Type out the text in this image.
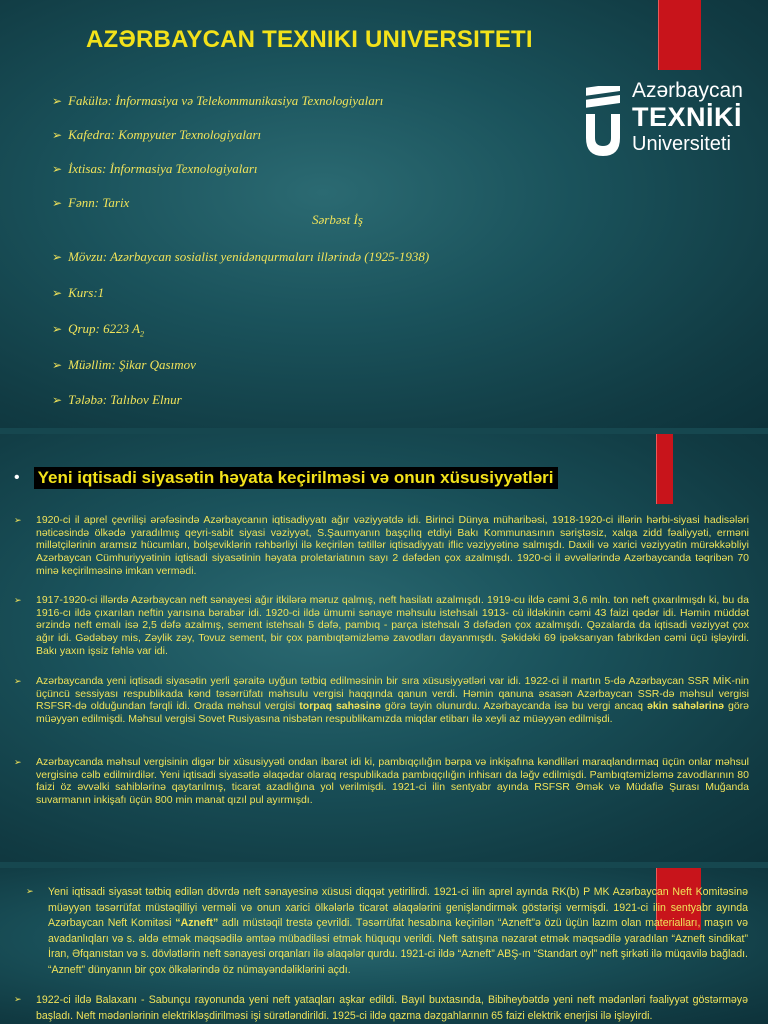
AZƏRBAYCAN TEXNIKI UNIVERSITETI
Azərbaycan
TEXNİKİ
Universiteti
➢ Fakültə: İnformasiya və Telekommunikasiya Texnologiyaları
➢ Kafedra: Kompyuter Texnologiyaları
➢ İxtisas: İnformasiya Texnologiyaları
➢ Fənn: Tarix
Sərbəst İş
➢ Mövzu: Azərbaycan sosialist yenidənqurmaları illərində (1925-1938)
➢ Kurs:1
➢ Qrup: 6223 $A_2$
➢ Müəllim: Şikar Qasımov
➢ Tələbə: Talıbov Elnur
• Yeni iqtisadi siyasətin həyata keçirilməsi və onun xüsusiyyətləri
➢	1920-ci il aprel çevrilişi ərəfəsində Azərbaycanın iqtisadiyyatı ağır vəziyyətdə idi. Birinci Dünya müharibəsi, 1918-1920-ci illərin hərbi-siyasi hadisələri nəticəsində ölkədə yaradılmış qeyri-sabit siyasi vəziyyət, S.Şaumyanın başçılıq etdiyi Bakı Kommunasının səriştəsiz, xalqa zidd fəaliyyəti, erməni millətçilərinin aramsız hücumları, bolşeviklərin rəhbərliyi ilə keçirilən tətillər iqtisadiyyatı iflic vəziyyətinə salmışdı. Daxili və xarici vəziyyətin mürəkkəbliyi Azərbaycan Cümhuriyyətinin iqtisadi siyasətinin həyata proletariatının sayı 2 dəfədən çox azalmışdı. 1920-ci il əvvəllərində Azərbaycanda təqribən 70 minə keçirilməsinə imkan vermədi.
➢	1917-1920-ci illərdə Azərbaycan neft sənayesi ağır itkilərə məruz qalmış, neft hasilatı azalmışdı. 1919-cu ildə cəmi 3,6 mln. ton neft çıxarılmışdı ki, bu da 1916-cı ildə çıxarılan neftin yarısına bərabər idi. 1920-ci ildə ümumi sənaye məhsulu istehsalı 1913- cü ildəkinin cəmi 43 faizi qədər idi. Həmin müddət ərzində neft emalı isə 2,5 dəfə azalmış, sement istehsalı 5 dəfə, pambıq - parça istehsalı 3 dəfədən çox azalmışdı. Qəzalarda da iqtisadi vəziyyət çox ağır idi. Gədəbəy mis, Zəylik zəy, Tovuz sement, bir çox pambıqtəmizləmə zavodları dayanmışdı. Şəkidəki 69 ipəksarıyan fabrikdən cəmi üçü işləyirdi. Bakı yaxın işsiz fəhlə var idi.
➢	Azərbaycanda yeni iqtisadi siyasətin yerli şəraitə uyğun tətbiq edilməsinin bir sıra xüsusiyyətləri var idi. 1922-ci il martın 5-də Azərbaycan SSR MİK-nin üçüncü sessiyası respublikada kənd təsərrüfatı məhsulu vergisi haqqında qanun verdi. Həmin qanuna əsasən Azərbaycan SSR-də məhsul vergisi RSFSR-də olduğundan fərqli idi. Orada məhsul vergisi torpaq sahəsinə görə təyin olunurdu. Azərbaycanda isə bu vergi ancaq əkin sahələrinə görə müəyyən edilmişdi. Məhsul vergisi Sovet Rusiyasına nisbətən respublikamızda miqdar etibarı ilə xeyli az müəyyən edilmişdi.
➢	Azərbaycanda məhsul vergisinin digər bir xüsusiyyəti ondan ibarət idi ki, pambıqçılığın bərpa və inkişafına kəndliləri maraqlandırmaq üçün onlar məhsul vergisinə cəlb edilmirdilər. Yeni iqtisadi siyasətlə əlaqədar olaraq respublikada pambıqçılığın inhisarı da ləğv edilmişdi. Pambıqtəmizləmə zavodlarının 80 faizi öz əvvəlki sahiblərinə qaytarılmış, ticarət azadlığına yol verilmişdi. 1921-ci ilin sentyabr ayında RSFSR Əmək və Müdafiə Şurası Muğanda suvarmanın inkişafı üçün 800 min manat qızıl pul ayırmışdı.
➢	Yeni iqtisadi siyasət tətbiq edilən dövrdə neft sənayesinə xüsusi diqqət yetirilirdi. 1921-ci ilin aprel ayında RK(b) P MK Azərbaycan Neft Komitəsinə müəyyən təsərrüfat müstəqilliyi verməli və onun xarici ölkələrlə ticarət əlaqələrini genişləndirmək göstərişi vermişdi. 1921-ci ilin sentyabr ayında Azərbaycan Neft Komitəsi “Azneft” adlı müstəqil trestə çevrildi. Təsərrüfat hesabına keçirilən “Azneft”ə özü üçün lazım olan materialları, maşın və avadanlıqları və s. əldə etmək məqsədilə əmtəə mübadiləsi etmək hüququ verildi. Neft satışına nəzarət etmək məqsədilə yaradılan “Azneft sindikat” İran, Əfqanıstan və s. dövlətlərin neft sənayesi orqanları ilə əlaqələr qurdu. 1921-ci ildə “Azneft” ABŞ-ın “Standart oyl” neft şirkəti ilə müqavilə bağladı. “Azneft” dünyanın bir çox ölkələrində öz nümayəndəliklərini açdı.
➢	1922-ci ildə Balaxanı - Sabunçu rayonunda yeni neft yataqları aşkar edildi. Bayıl buxtasında, Bibiheybətdə yeni neft mədənləri fəaliyyət göstərməyə başladı. Neft mədənlərinin elektrikləşdirilməsi işi sürətləndirildi. 1925-ci ildə qazma dəzgahlarının 65 faizi elektrik enerjisi ilə işləyirdi.
